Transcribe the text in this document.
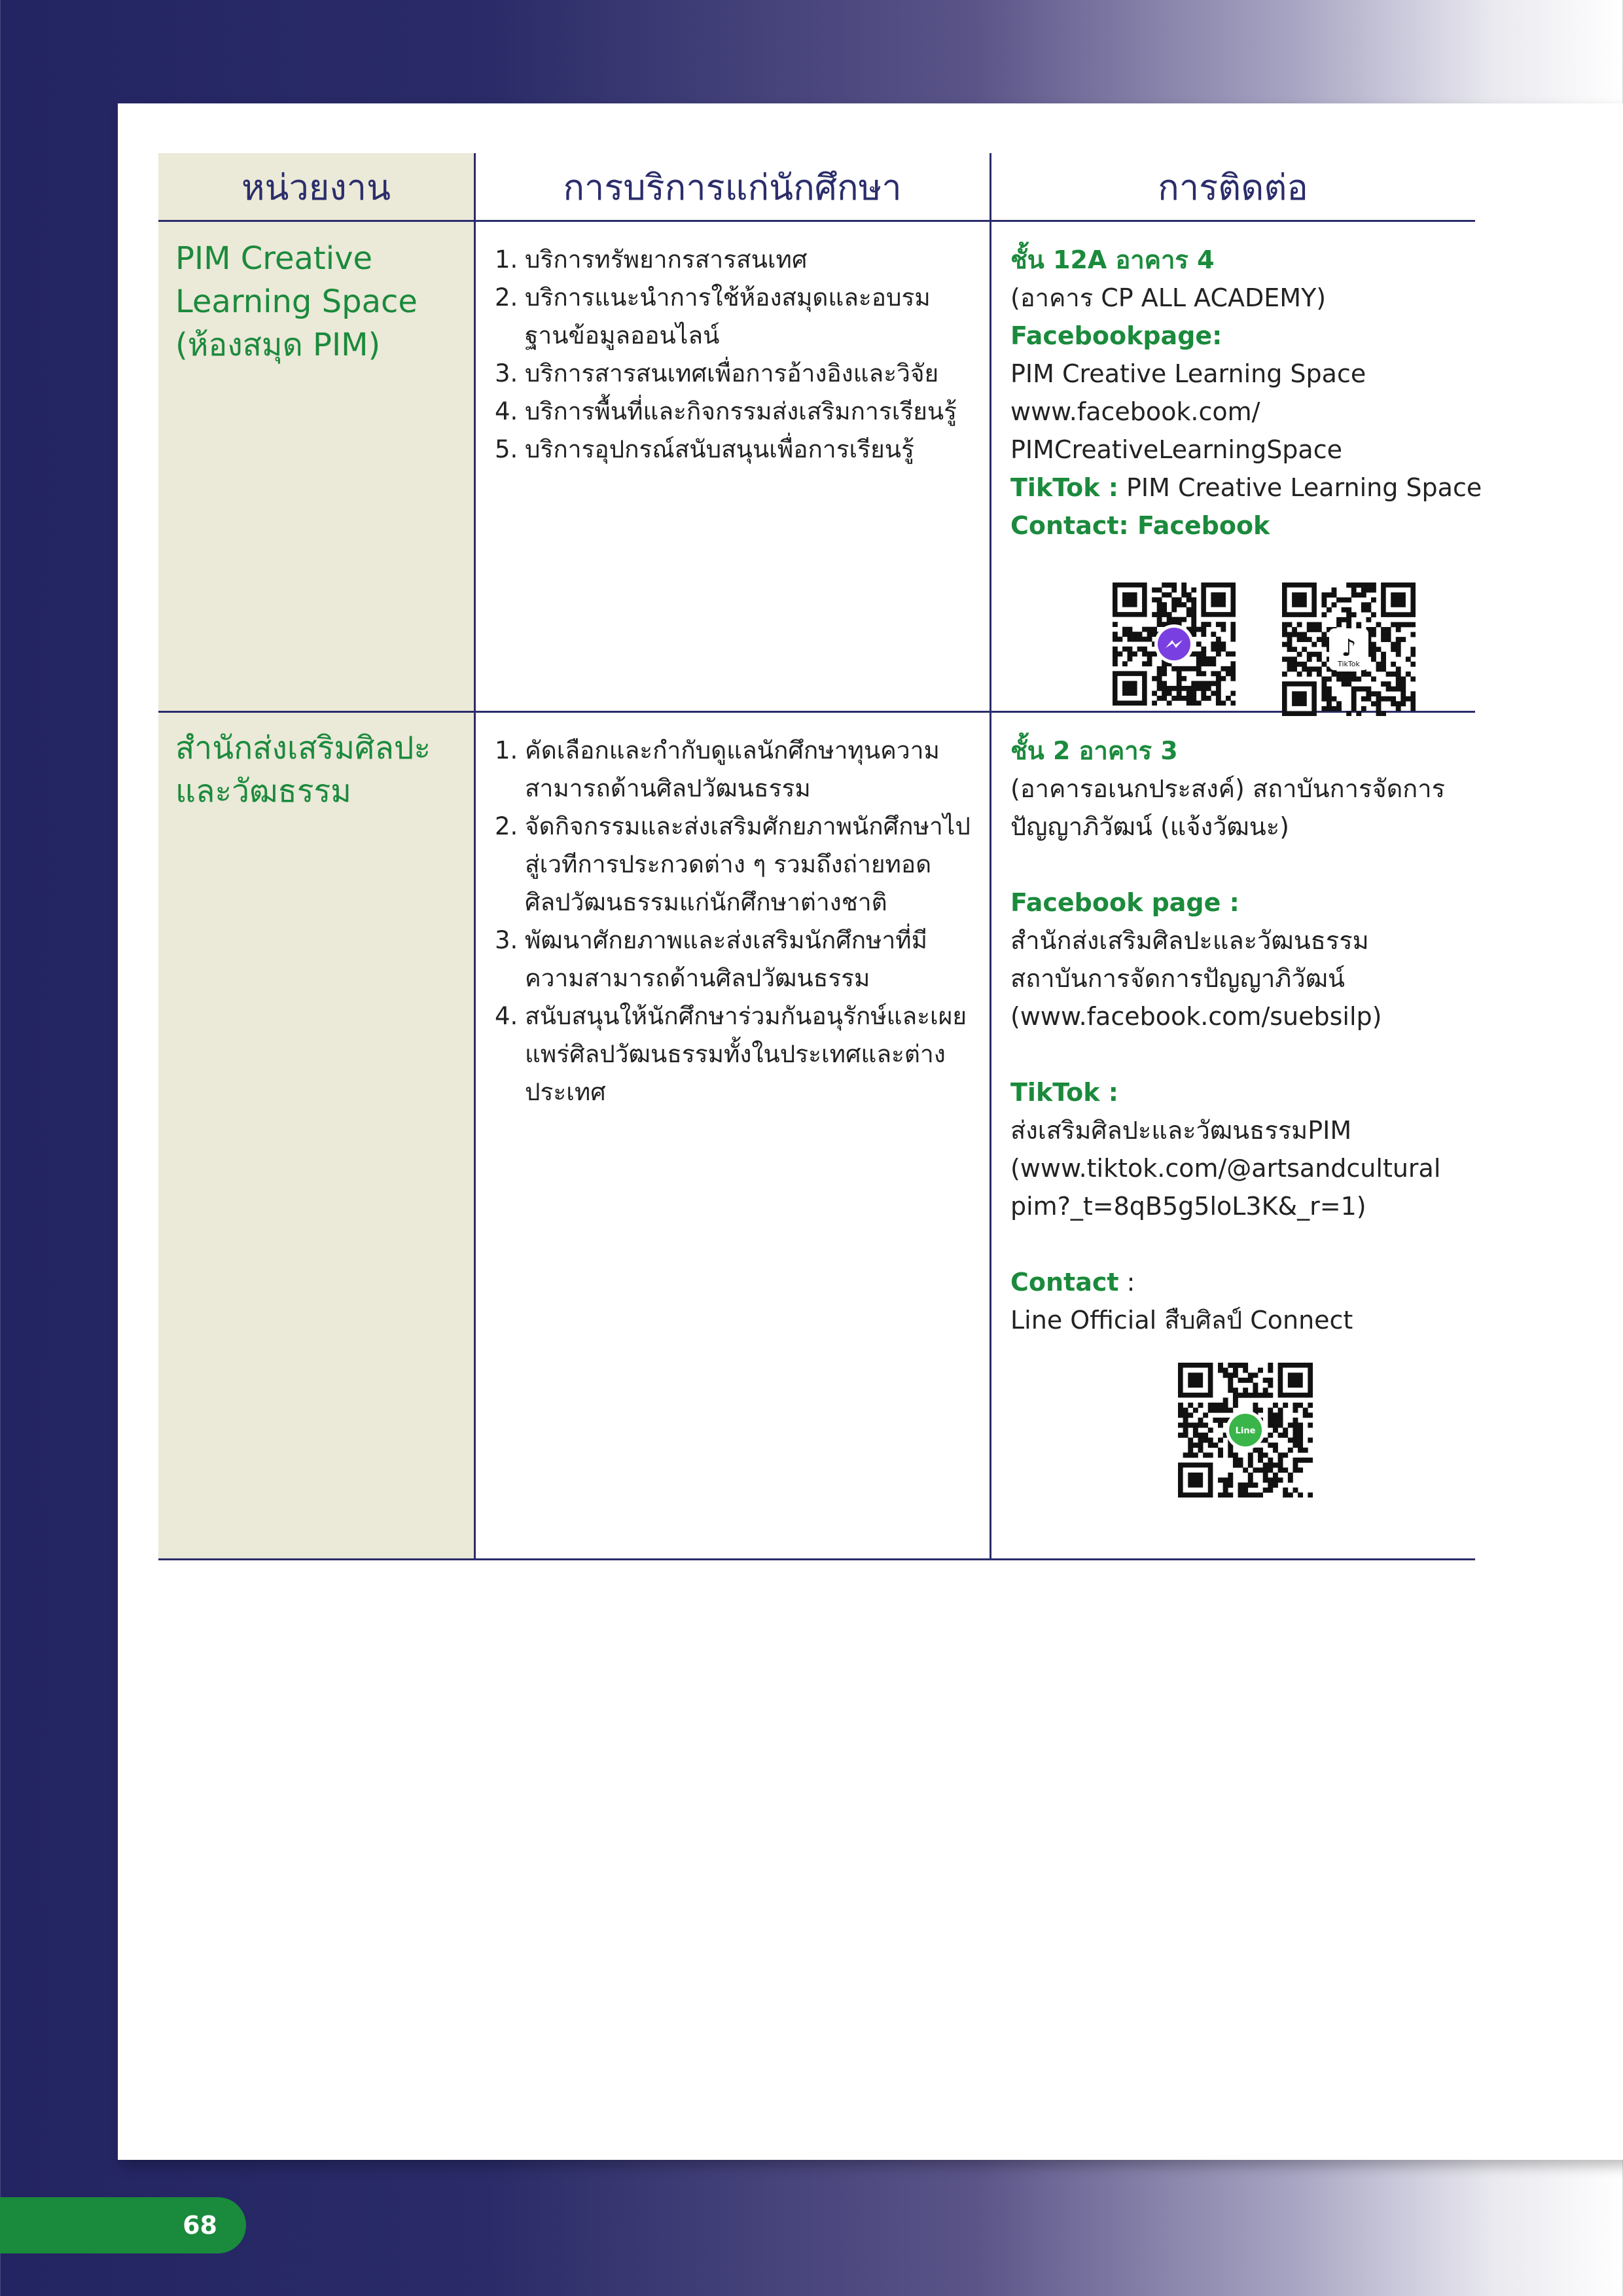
หน่วยงาน	การบริการแก่นักศึกษา	การติดต่อ
PIM Creative
Learning Space
(ห้องสมุด PIM)
1. บริการทรัพยากรสารสนเทศ
2. บริการแนะนำการใช้ห้องสมุดและอบรมฐานข้อมูลออนไลน์
3. บริการสารสนเทศเพื่อการอ้างอิงและวิจัย
4. บริการพื้นที่และกิจกรรมส่งเสริมการเรียนรู้
5. บริการอุปกรณ์สนับสนุนเพื่อการเรียนรู้
ชั้น 12A อาคาร 4
(อาคาร CP ALL ACADEMY)
Facebookpage:
PIM Creative Learning Space
www.facebook.com/
PIMCreativeLearningSpace
TikTok : PIM Creative Learning Space
Contact: Facebook
♪
TikTok
สำนักส่งเสริมศิลปะ
และวัฒธรรม
1. คัดเลือกและกำกับดูแลนักศึกษาทุนความสามารถด้านศิลปวัฒนธรรม
2. จัดกิจกรรมและส่งเสริมศักยภาพนักศึกษาไปสู่เวทีการประกวดต่าง ๆ รวมถึงถ่ายทอดศิลปวัฒนธรรมแก่นักศึกษาต่างชาติ
3. พัฒนาศักยภาพและส่งเสริมนักศึกษาที่มีความสามารถด้านศิลปวัฒนธรรม
4. สนับสนุนให้นักศึกษาร่วมกันอนุรักษ์และเผยแพร่ศิลปวัฒนธรรมทั้งในประเทศและต่างประเทศ
ชั้น 2 อาคาร 3
(อาคารอเนกประสงค์) สถาบันการจัดการ
ปัญญาภิวัฒน์ (แจ้งวัฒนะ)
Facebook page :
สำนักส่งเสริมศิลปะและวัฒนธรรม
สถาบันการจัดการปัญญาภิวัฒน์
(www.facebook.com/suebsilp)
TikTok :
ส่งเสริมศิลปะและวัฒนธรรมPIM
(www.tiktok.com/@artsandcultural
pim?_t=8qB5g5loL3K&_r=1)
Contact :
Line Official สืบศิลป์ Connect
Line
68
